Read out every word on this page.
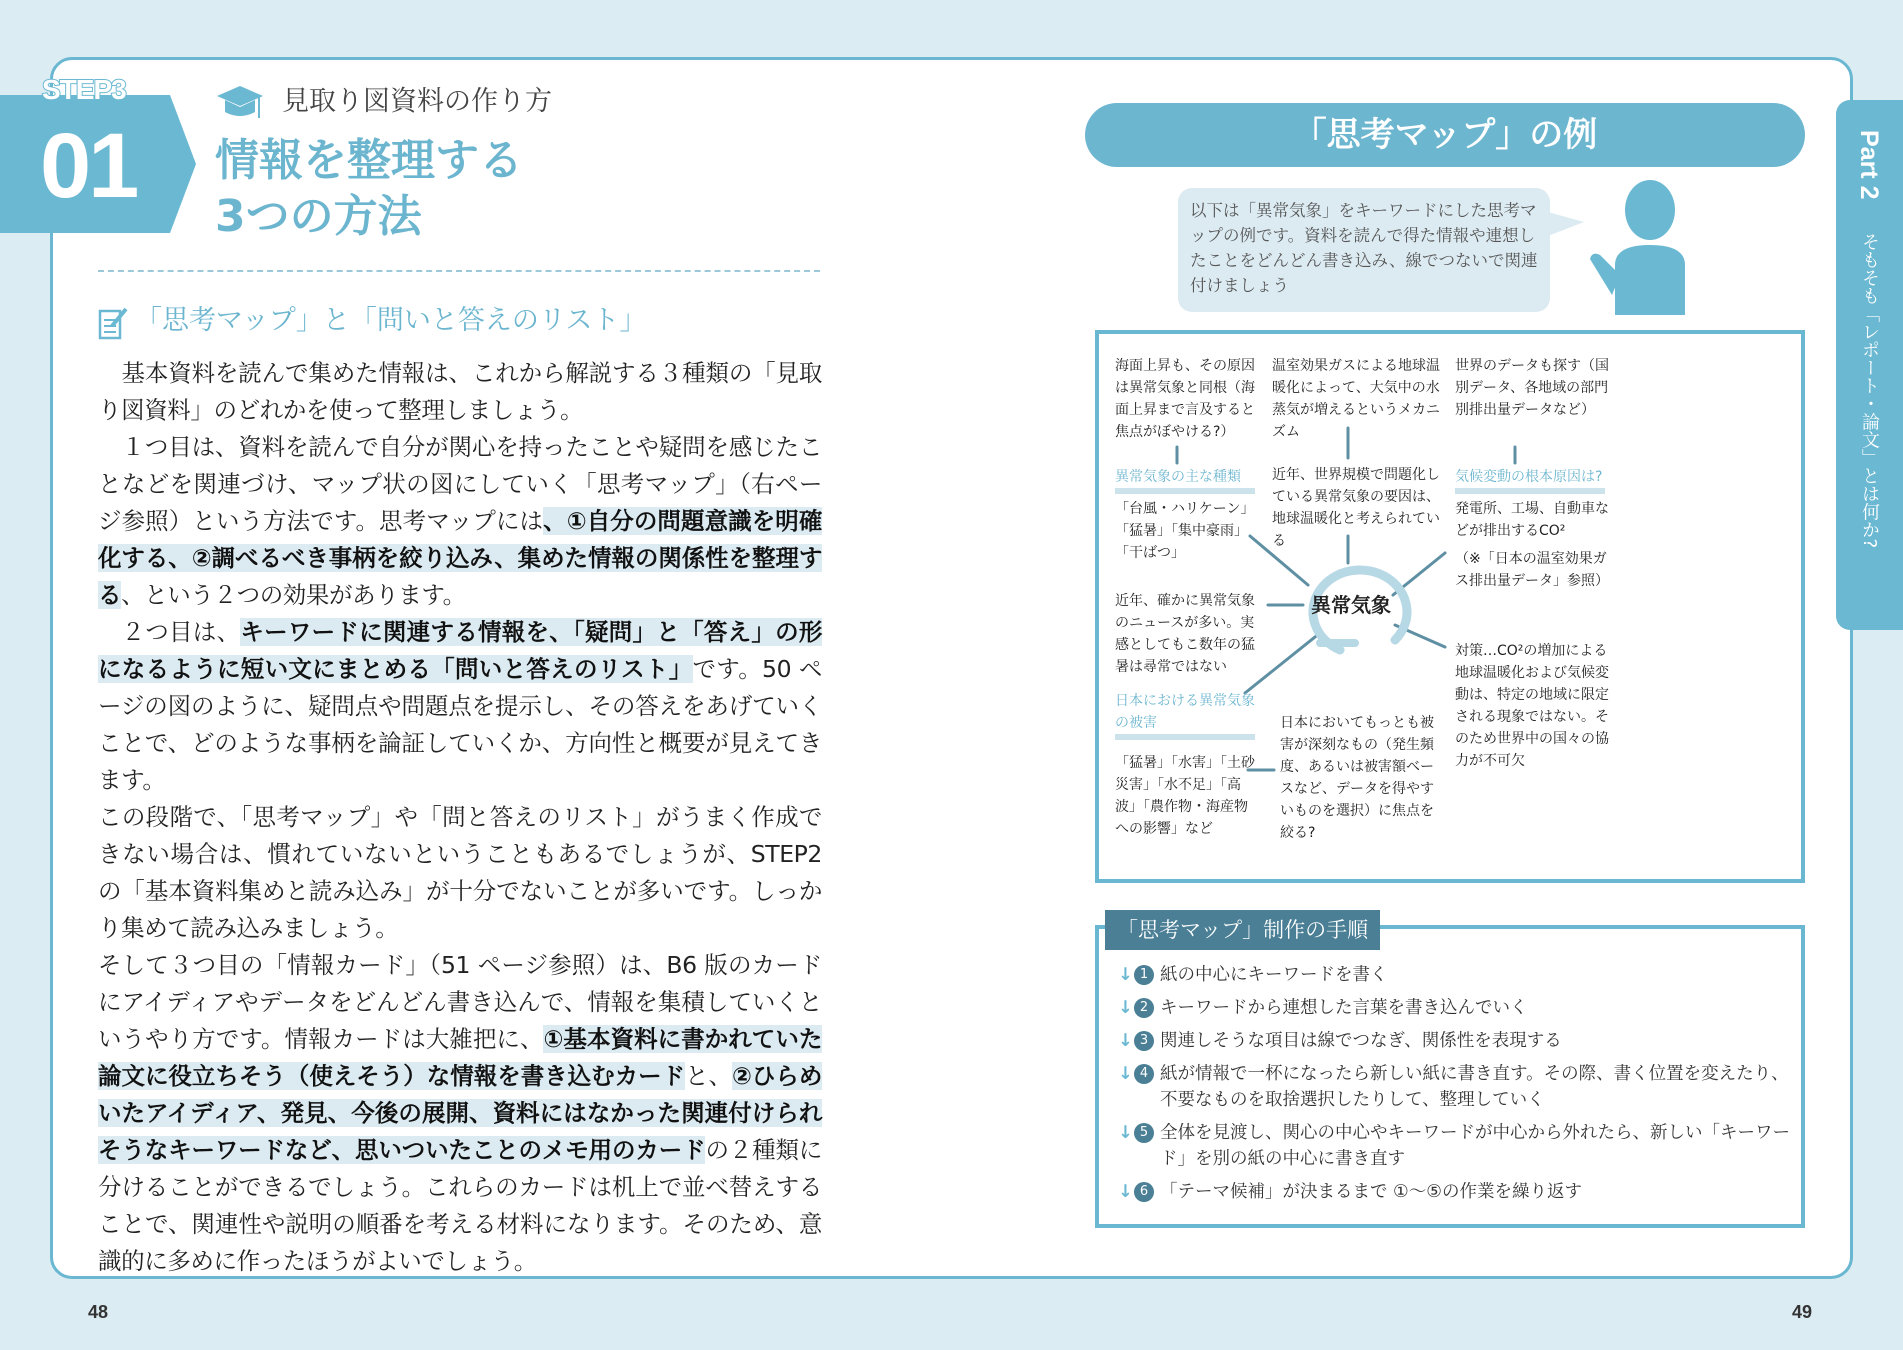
STEP3
01
見取り図資料の作り方
情報を整理する
3つの方法
「思考マップ」と「問いと答えのリスト」

基本資料を読んで集めた情報は、これから解説する３種類の「見取り図資料」のどれかを使って整理しましょう。

１つ目は、資料を読んで自分が関心を持ったことや疑問を感じたことなどを関連づけ、マップ状の図にしていく「思考マップ」（右ページ参照）という方法です。思考マップには、①自分の問題意識を明確化する、②調べるべき事柄を絞り込み、集めた情報の関係性を整理する、という２つの効果があります。

２つ目は、キーワードに関連する情報を、「疑問」と「答え」の形になるように短い文にまとめる「問いと答えのリスト」です。50 ページの図のように、疑問点や問題点を提示し、その答えをあげていくことで、どのような事柄を論証していくか、方向性と概要が見えてきます。

この段階で、「思考マップ」や「問と答えのリスト」がうまく作成できない場合は、慣れていないということもあるでしょうが、STEP2 の「基本資料集めと読み込み」が十分でないことが多いです。しっかり集めて読み込みましょう。

そして３つ目の「情報カード」（51 ページ参照）は、B6 版のカードにアイディアやデータをどんどん書き込んで、情報を集積していくというやり方です。情報カードは大雑把に、①基本資料に書かれていた論文に役立ちそう（使えそう）な情報を書き込むカードと、②ひらめいたアイディア、発見、今後の展開、資料にはなかった関連付けられそうなキーワードなど、思いついたことのメモ用のカードの２種類に分けることができるでしょう。これらのカードは机上で並べ替えすることで、関連性や説明の順番を考える材料になります。そのため、意識的に多めに作ったほうがよいでしょう。

48
「思考マップ」の例
以下は「異常気象」をキーワードにした思考マップの例です。資料を読んで得た情報や連想したことをどんどん書き込み、線でつないで関連付けましょう
異常気象
海面上昇も、その原因は異常気象と同根（海面上昇まで言及すると焦点がぼやける?）
異常気象の主な種類
「台風・ハリケーン」「猛暑」「集中豪雨」「干ばつ」
温室効果ガスによる地球温暖化によって、大気中の水蒸気が増えるというメカニズム
近年、世界規模で問題化している異常気象の要因は、地球温暖化と考えられている
世界のデータも探す（国別データ、各地域の部門別排出量データなど）
気候変動の根本原因は?
発電所、工場、自動車などが排出するCO²
（※「日本の温室効果ガス排出量データ」参照）
近年、確かに異常気象のニュースが多い。実感としてもこ数年の猛暑は尋常ではない
日本における異常気象の被害
「猛暑」「水害」「土砂災害」「水不足」「高波」「農作物・海産物への影響」など
日本においてもっとも被害が深刻なもの（発生頻度、あるいは被害額ベースなど、データを得やすいものを選択）に焦点を絞る?
対策…CO²の増加による地球温暖化および気候変動は、特定の地域に限定される現象ではない。そのため世界中の国々の協力が不可欠
「思考マップ」制作の手順
↓ 1 紙の中心にキーワードを書く
↓ 2 キーワードから連想した言葉を書き込んでいく
↓ 3 関連しそうな項目は線でつなぎ、関係性を表現する
↓ 4 紙が情報で一杯になったら新しい紙に書き直す。その際、書く位置を変えたり、不要なものを取捨選択したりして、整理していく
↓ 5 全体を見渡し、関心の中心やキーワードが中心から外れたら、新しい「キーワード」を別の紙の中心に書き直す
↓ 6 「テーマ候補」が決まるまで ①〜⑤の作業を繰り返す
Part 2 そもそも「レポート・論文」とは何か?
49
